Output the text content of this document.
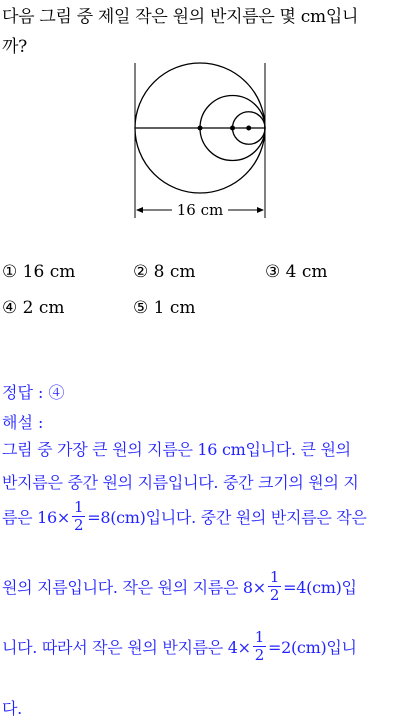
다음 그림 중 제일 작은 원의 반지름은 몇 cm입니
까?
16 cm
① 16 cm	② 8 cm	③ 4 cm
④ 2 cm	⑤ 1 cm
정답 : ④
해설 :
그림 중 가장 큰 원의 지름은 16 cm입니다. 큰 원의
반지름은 중간 원의 지름입니다. 중간 크기의 원의 지
름은 $16\times \frac{1}{2} =8(cm)$입니다. 중간 원의 반지름은 작은
원의 지름입니다. 작은 원의 지름은 $8\times \frac{1}{2} =4(cm)$입
니다. 따라서 작은 원의 반지름은 $4\times \frac{1}{2} =2(cm)$입니
다.
